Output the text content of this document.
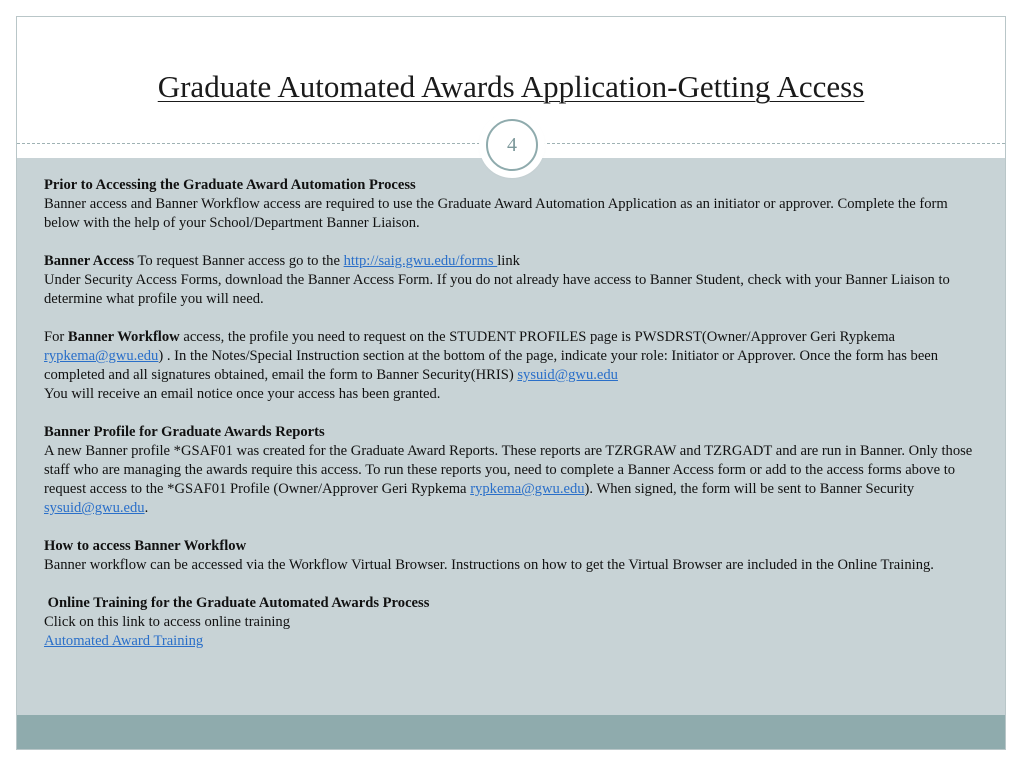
Graduate Automated Awards Application-Getting Access
4

Prior to Accessing the Graduate Award Automation Process

Banner access and Banner Workflow access are required to use the Graduate Award Automation Application as an initiator or approver. Complete the form below with the help of your School/Department Banner Liaison.

Banner Access To request Banner access go to the http://saig.gwu.edu/forms link

Under Security Access Forms, download the Banner Access Form. If you do not already have access to Banner Student, check with your Banner Liaison to determine what profile you will need.

For Banner Workflow access, the profile you need to request on the STUDENT PROFILES page is PWSDRST(Owner/Approver Geri Rypkema rypkema@gwu.edu) . In the Notes/Special Instruction section at the bottom of the page, indicate your role: Initiator or Approver. Once the form has been completed and all signatures obtained, email the form to Banner Security(HRIS) sysuid@gwu.edu

You will receive an email notice once your access has been granted.

Banner Profile for Graduate Awards Reports

A new Banner profile *GSAF01 was created for the Graduate Award Reports. These reports are TZRGRAW and TZRGADT and are run in Banner. Only those staff who are managing the awards require this access. To run these reports you, need to complete a Banner Access form or add to the access forms above to request access to the *GSAF01 Profile (Owner/Approver Geri Rypkema rypkema@gwu.edu). When signed, the form will be sent to Banner Security sysuid@gwu.edu.

How to access Banner Workflow

Banner workflow can be accessed via the Workflow Virtual Browser. Instructions on how to get the Virtual Browser are included in the Online Training.

Online Training for the Graduate Automated Awards Process

Click on this link to access online training

Automated Award Training
